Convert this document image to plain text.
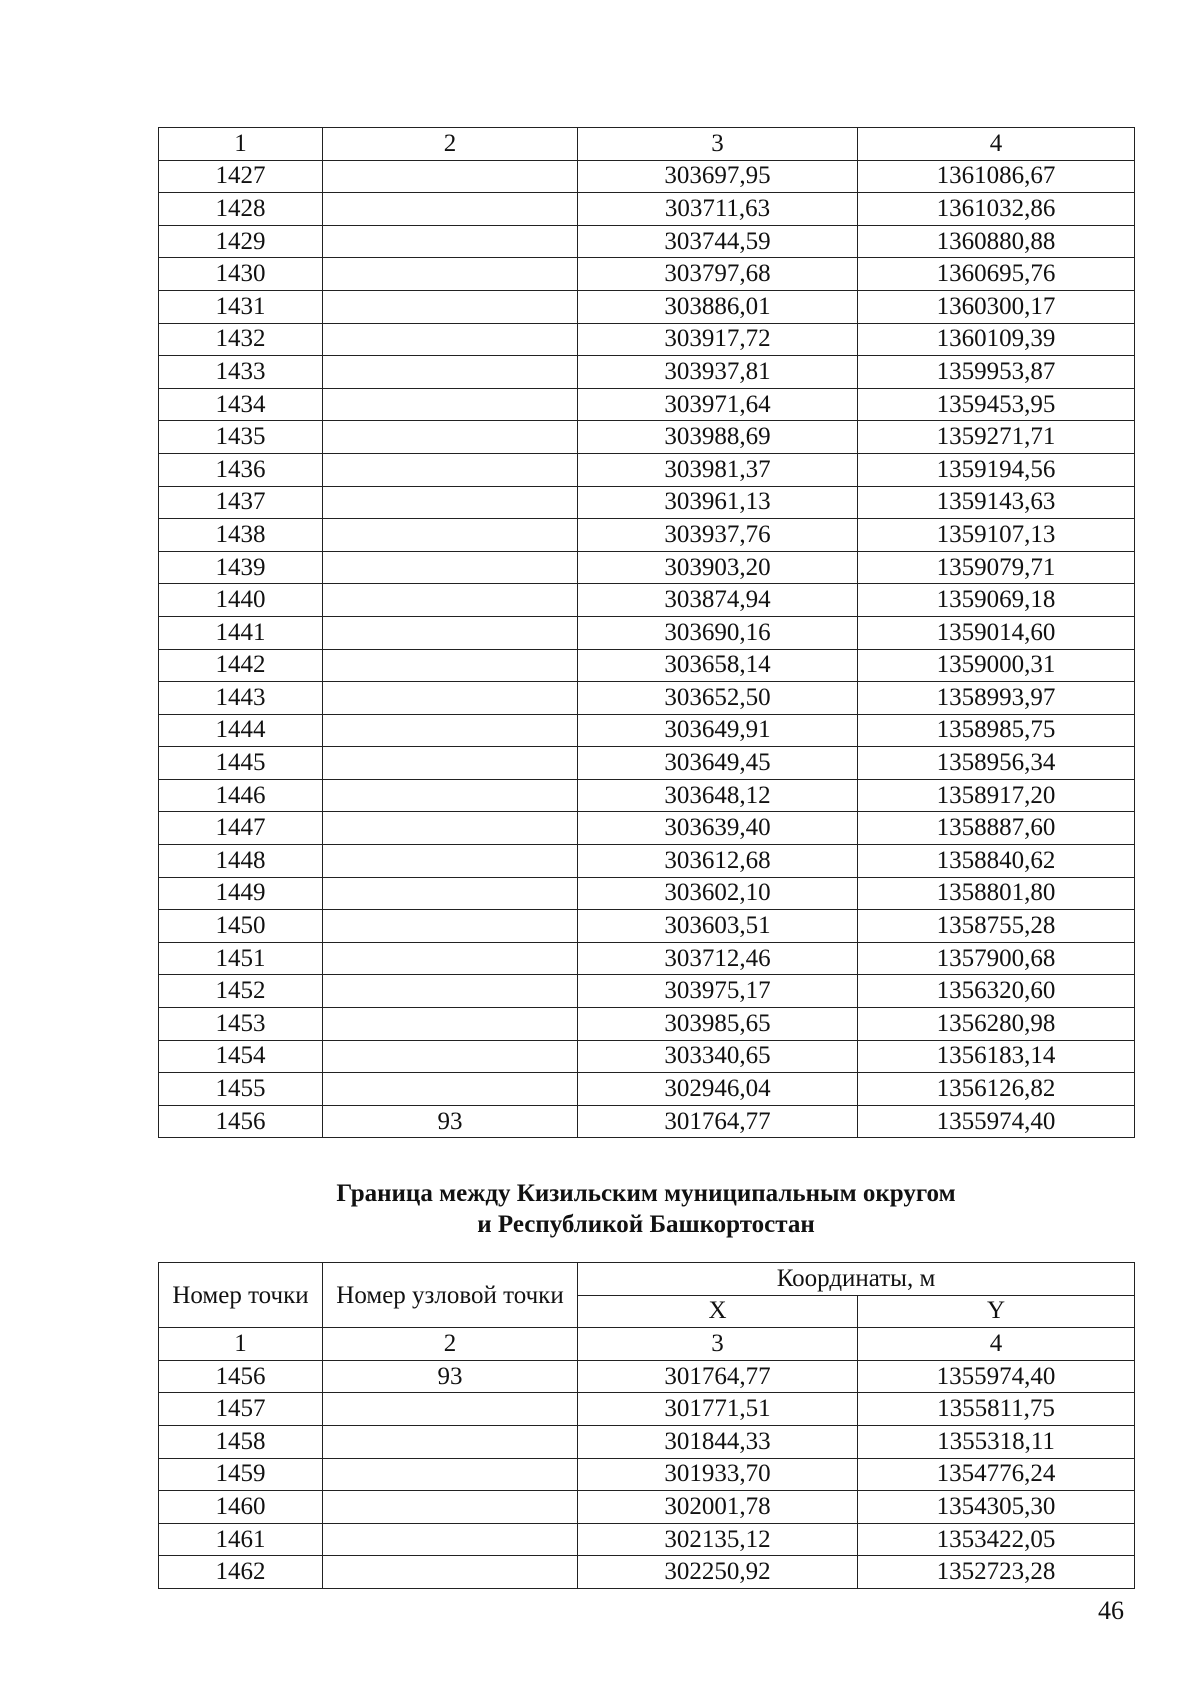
1	2	3	4
1427		303697,95	1361086,67
1428		303711,63	1361032,86
1429		303744,59	1360880,88
1430		303797,68	1360695,76
1431		303886,01	1360300,17
1432		303917,72	1360109,39
1433		303937,81	1359953,87
1434		303971,64	1359453,95
1435		303988,69	1359271,71
1436		303981,37	1359194,56
1437		303961,13	1359143,63
1438		303937,76	1359107,13
1439		303903,20	1359079,71
1440		303874,94	1359069,18
1441		303690,16	1359014,60
1442		303658,14	1359000,31
1443		303652,50	1358993,97
1444		303649,91	1358985,75
1445		303649,45	1358956,34
1446		303648,12	1358917,20
1447		303639,40	1358887,60
1448		303612,68	1358840,62
1449		303602,10	1358801,80
1450		303603,51	1358755,28
1451		303712,46	1357900,68
1452		303975,17	1356320,60
1453		303985,65	1356280,98
1454		303340,65	1356183,14
1455		302946,04	1356126,82
1456	93	301764,77	1355974,40
Граница между Кизильским муниципальным округом
и Республикой Башкортостан
Номер точки	Номер узловой точки	Координаты, м	
		X	Y
1	2	3	4
1456	93	301764,77	1355974,40
1457		301771,51	1355811,75
1458		301844,33	1355318,11
1459		301933,70	1354776,24
1460		302001,78	1354305,30
1461		302135,12	1353422,05
1462		302250,92	1352723,28
46
